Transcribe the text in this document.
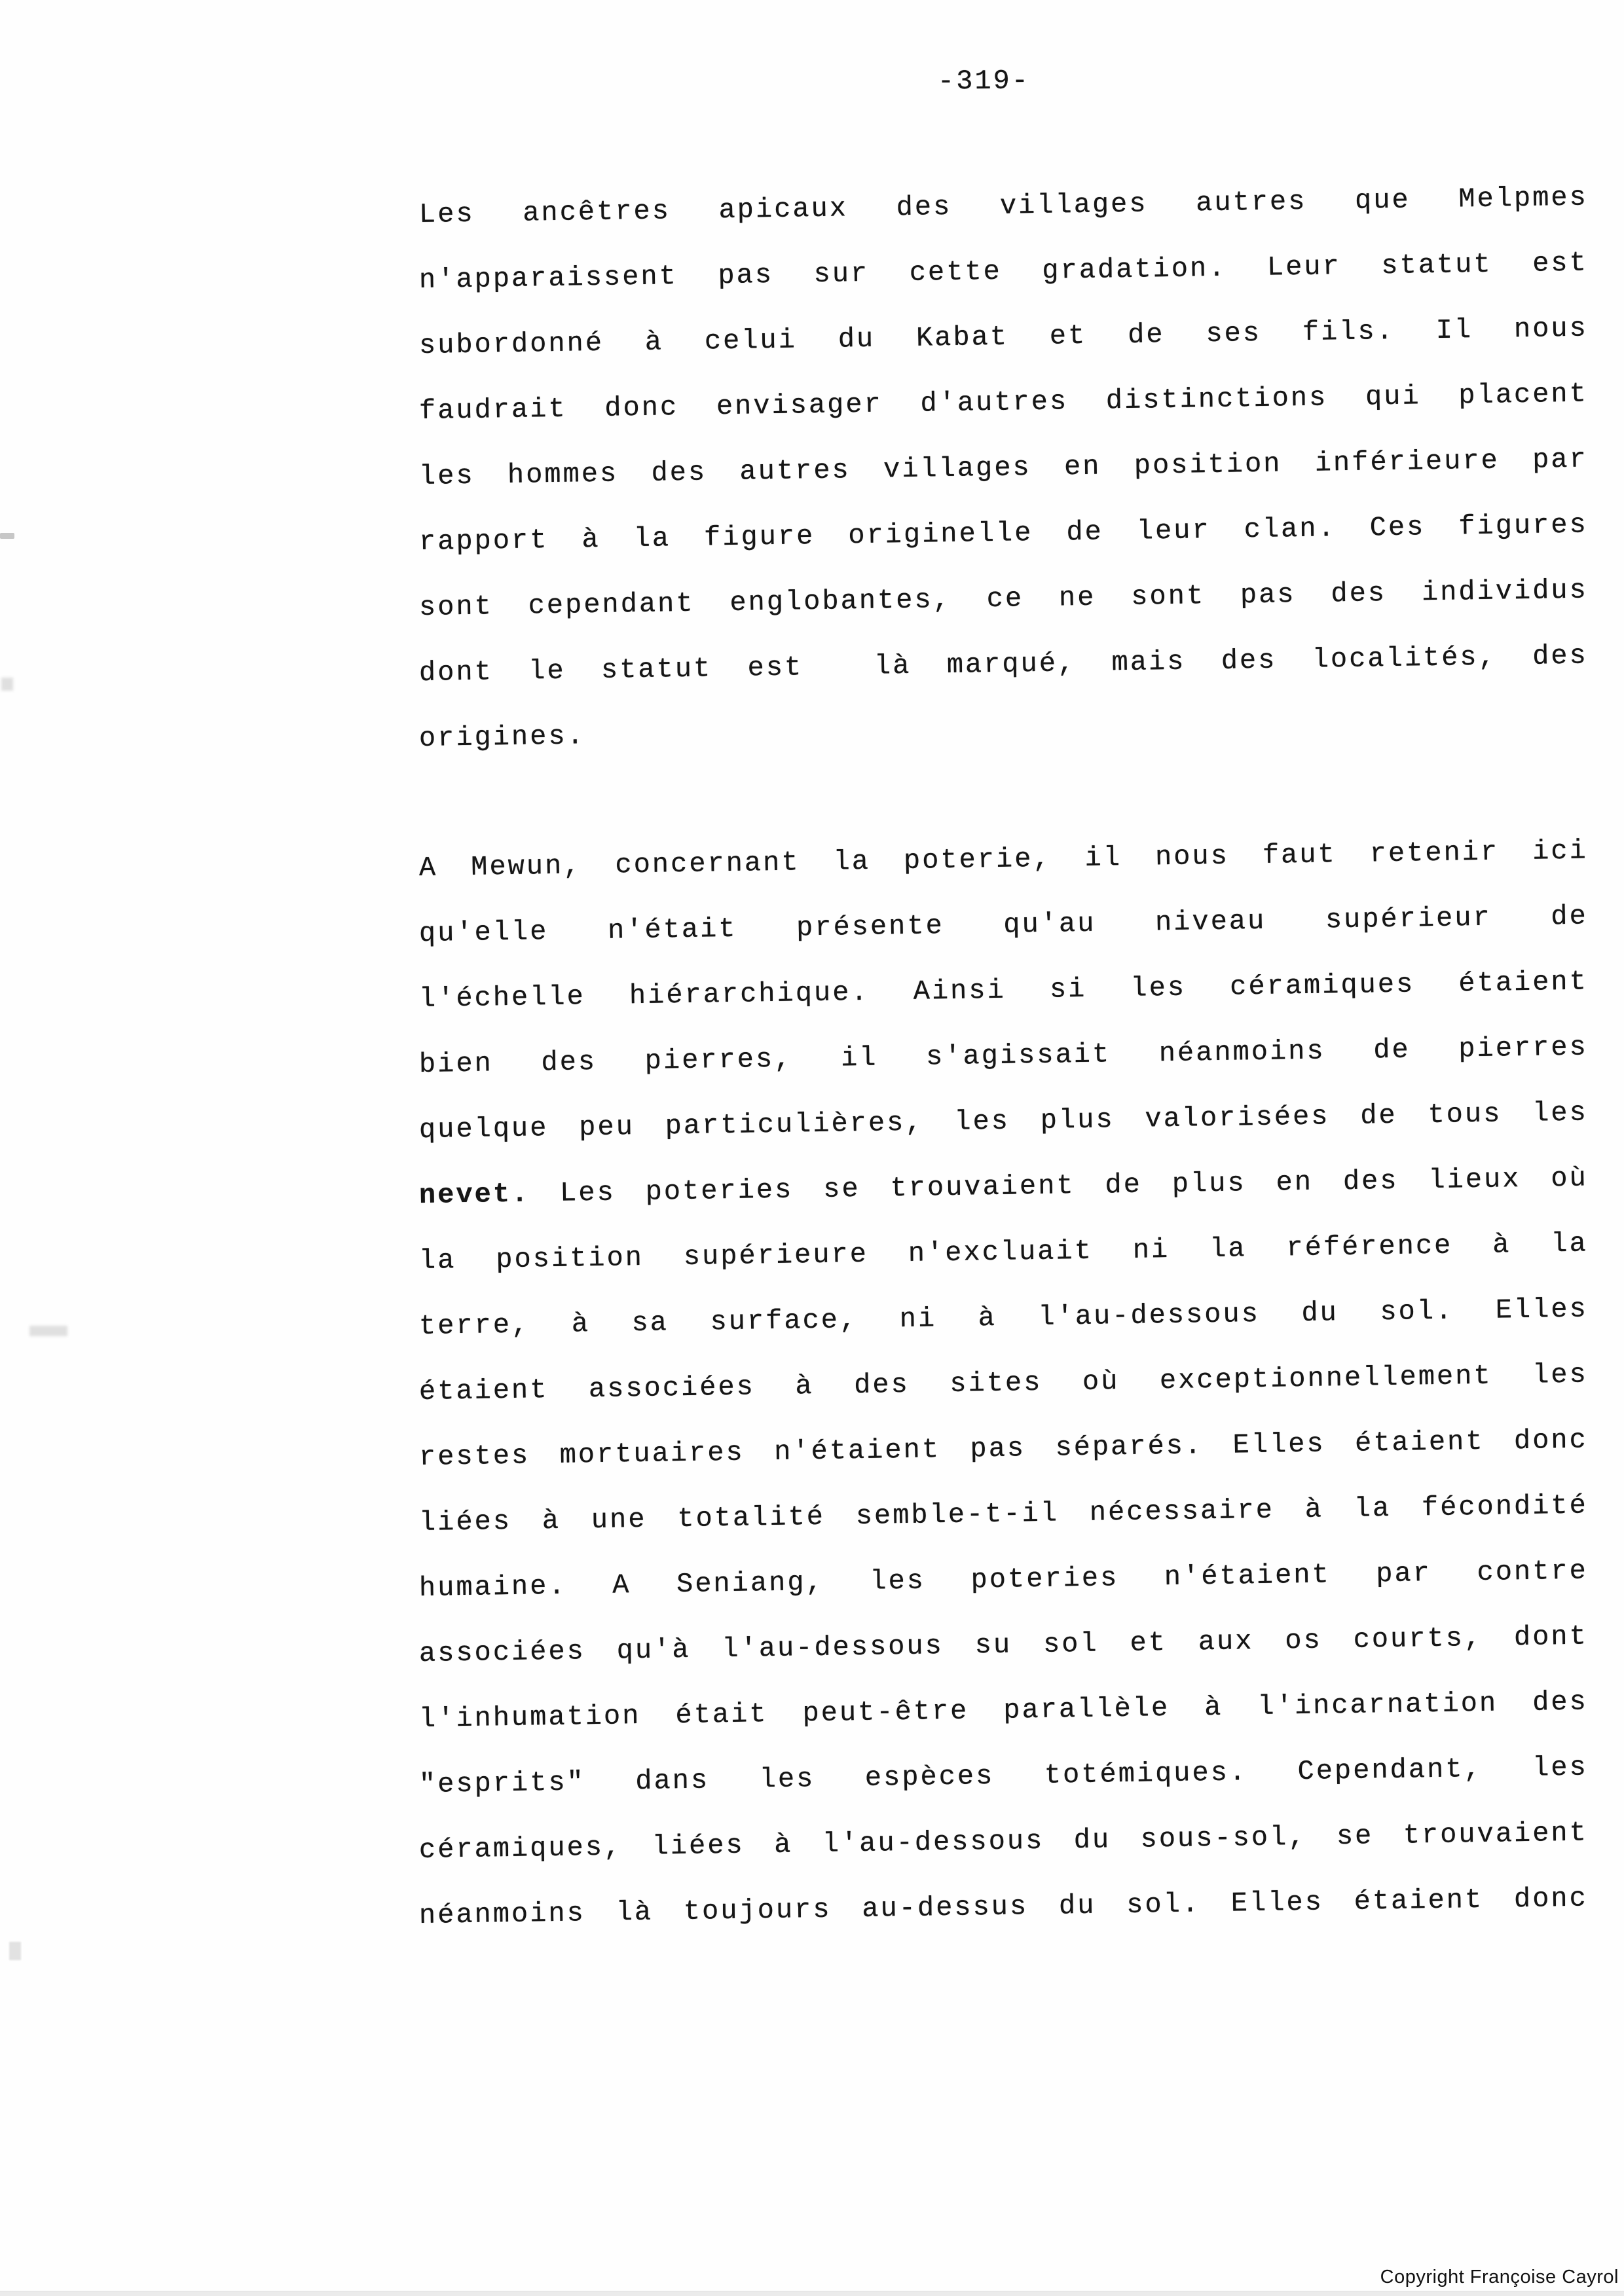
-319-
Les ancêtres apicaux des villages autres que Melpmes
n'apparaissent pas sur cette gradation. Leur statut est
subordonné à celui du Kabat et de ses fils. Il nous
faudrait donc envisager d'autres distinctions qui placent
les hommes des autres villages en position inférieure par
rapport à la figure originelle de leur clan. Ces figures
sont cependant englobantes, ce ne sont pas des individus
dont le statut est  là marqué, mais des localités, des
origines.
A Mewun, concernant la poterie, il nous faut retenir ici
qu'elle n'était présente qu'au niveau supérieur de
l'échelle hiérarchique. Ainsi si les céramiques étaient
bien des pierres, il s'agissait néanmoins de pierres
quelque peu particulières, les plus valorisées de tous les
nevet. Les poteries se trouvaient de plus en des lieux où
la position supérieure n'excluait ni la référence à la
terre, à sa surface, ni à l'au-dessous du sol. Elles
étaient associées à des sites où exceptionnellement les
restes mortuaires n'étaient pas séparés. Elles étaient donc
liées à une totalité semble-t-il nécessaire à la fécondité
humaine. A Seniang, les poteries n'étaient par contre
associées qu'à l'au-dessous su sol et aux os courts, dont
l'inhumation était peut-être parallèle à l'incarnation des
"esprits" dans les espèces totémiques. Cependant, les
céramiques, liées à l'au-dessous du sous-sol, se trouvaient
néanmoins là toujours au-dessus du sol. Elles étaient donc
Copyright Françoise Cayrol
